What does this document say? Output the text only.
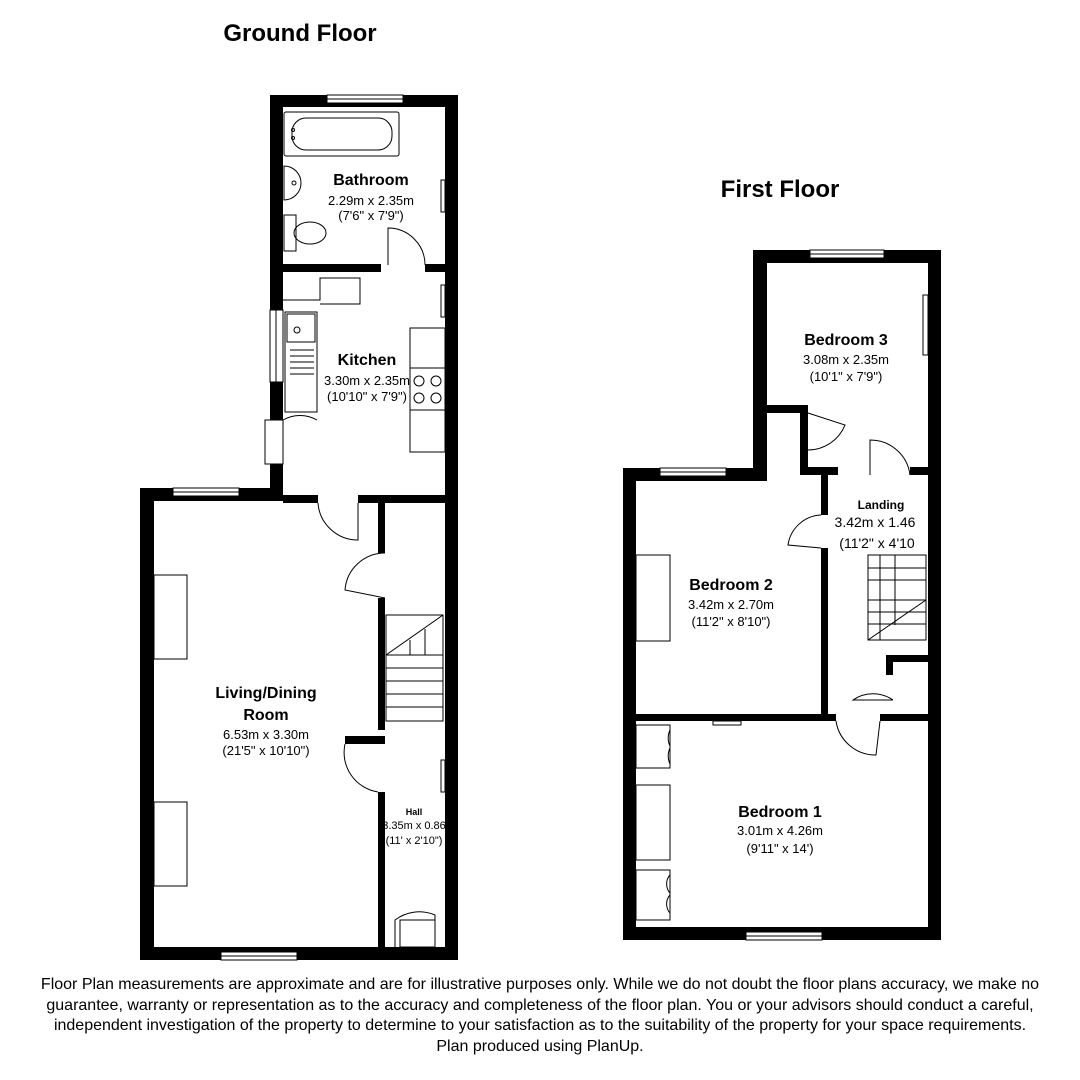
Ground Floor
First Floor
Bathroom
2.29m x 2.35m
(7'6" x 7'9")
Kitchen
3.30m x 2.35m
(10'10" x 7'9")
Living/Dining
Room
6.53m x 3.30m
(21'5" x 10'10")
Hall
3.35m x 0.86
(11' x 2'10")
Bedroom 3
3.08m x 2.35m
(10'1" x 7'9")
Landing
3.42m x 1.46
(11'2" x 4'10
Bedroom 2
3.42m x 2.70m
(11'2" x 8'10")
Bedroom 1
3.01m x 4.26m
(9'11" x 14')

Floor Plan measurements are approximate and are for illustrative purposes only. While we do not doubt the floor plans accuracy, we make no guarantee, warranty or representation as to the accuracy and completeness of the floor plan. You or your advisors should conduct a careful, independent investigation of the property to determine to your satisfaction as to the suitability of the property for your space requirements.

Plan produced using PlanUp.
